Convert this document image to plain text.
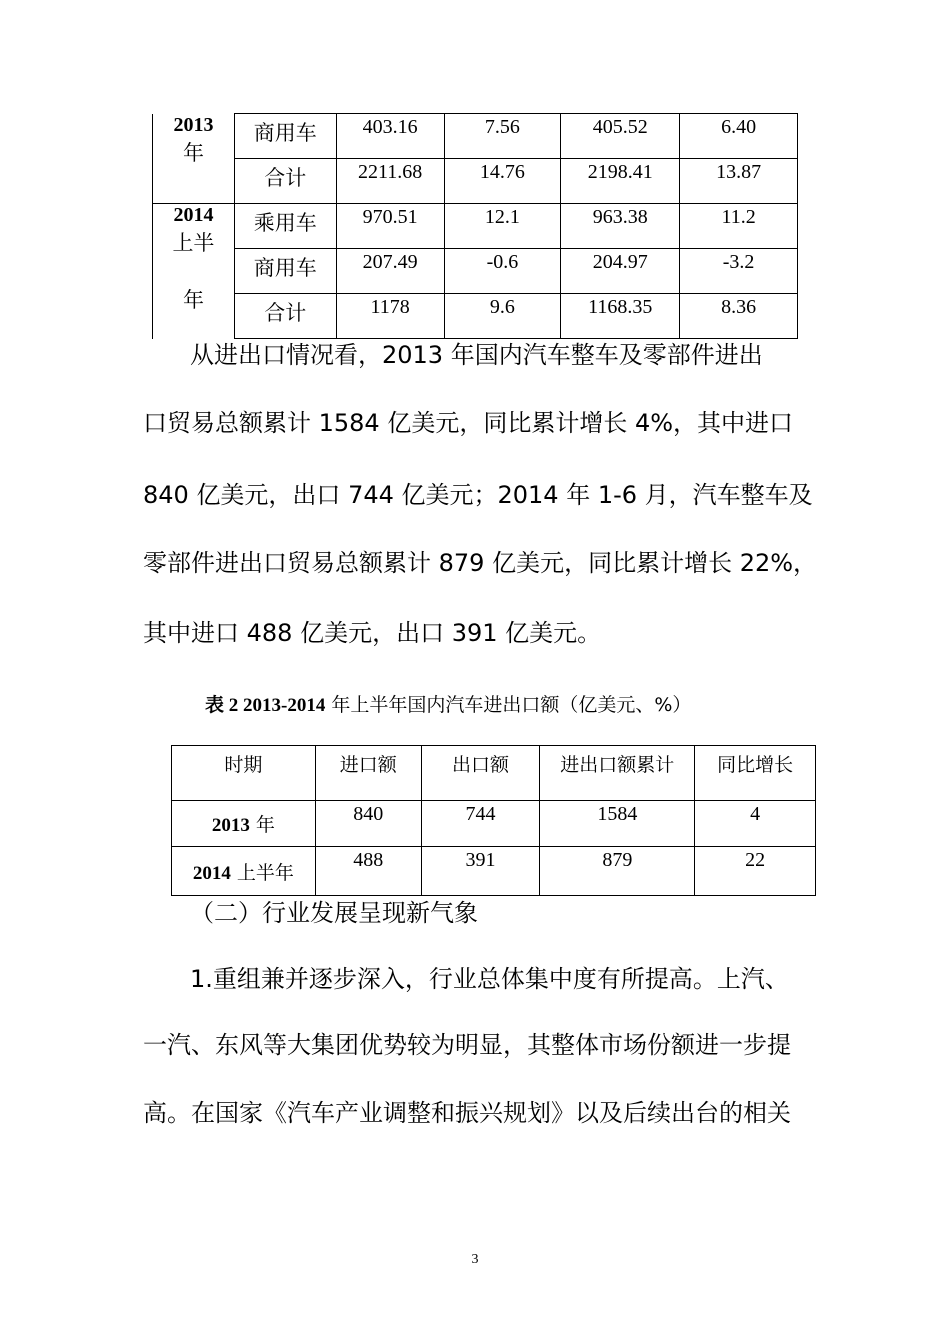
2013
年	商用车	403.16	7.56	405.52	6.40
	合计	2211.68	14.76	2198.41	13.87

2014
上半
年	乘用车	970.51	12.1	963.38	11.2
	商用车	207.49	-0.6	204.97	-3.2
	合计	1178	9.6	1168.35	8.36
从进出口情况看，2013 年国内汽车整车及零部件进出
口贸易总额累计 1584 亿美元，同比累计增长 4%，其中进口
840 亿美元，出口 744 亿美元；2014 年 1-6 月，汽车整车及
零部件进出口贸易总额累计 879 亿美元，同比累计增长 22%，
其中进口 488 亿美元，出口 391 亿美元。
表 2 2013-2014 年上半年国内汽车进出口额（亿美元、%）
时期	进口额	出口额	进出口额累计	同比增长
2013 年	840	744	1584	4
2014 上半年	488	391	879	22
（二）行业发展呈现新气象
1.重组兼并逐步深入，行业总体集中度有所提高。上汽、
一汽、东风等大集团优势较为明显，其整体市场份额进一步提
高。在国家《汽车产业调整和振兴规划》以及后续出台的相关
3
